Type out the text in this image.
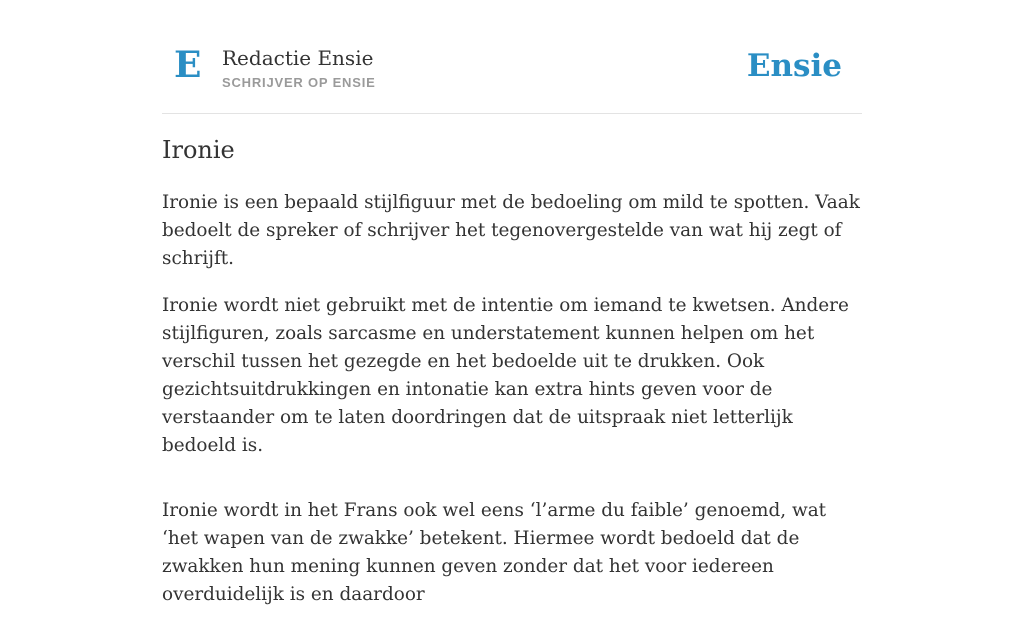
E Redactie Ensie
SCHRIJVER OP ENSIE	Ensie
Ironie

Ironie is een bepaald stijlfiguur met de bedoeling om mild te spotten. Vaak bedoelt de spreker of schrijver het tegenovergestelde van wat hij zegt of schrijft.

Ironie wordt niet gebruikt met de intentie om iemand te kwetsen. Andere stijlfiguren, zoals sarcasme en understatement kunnen helpen om het verschil tussen het gezegde en het bedoelde uit te drukken. Ook gezichtsuitdrukkingen en intonatie kan extra hints geven voor de verstaander om te laten doordringen dat de uitspraak niet letterlijk bedoeld is.

Ironie wordt in het Frans ook wel eens ‘l’arme du faible’ genoemd, wat ‘het wapen van de zwakke’ betekent. Hiermee wordt bedoeld dat de zwakken hun mening kunnen geven zonder dat het voor iedereen overduidelijk is en daardoor
